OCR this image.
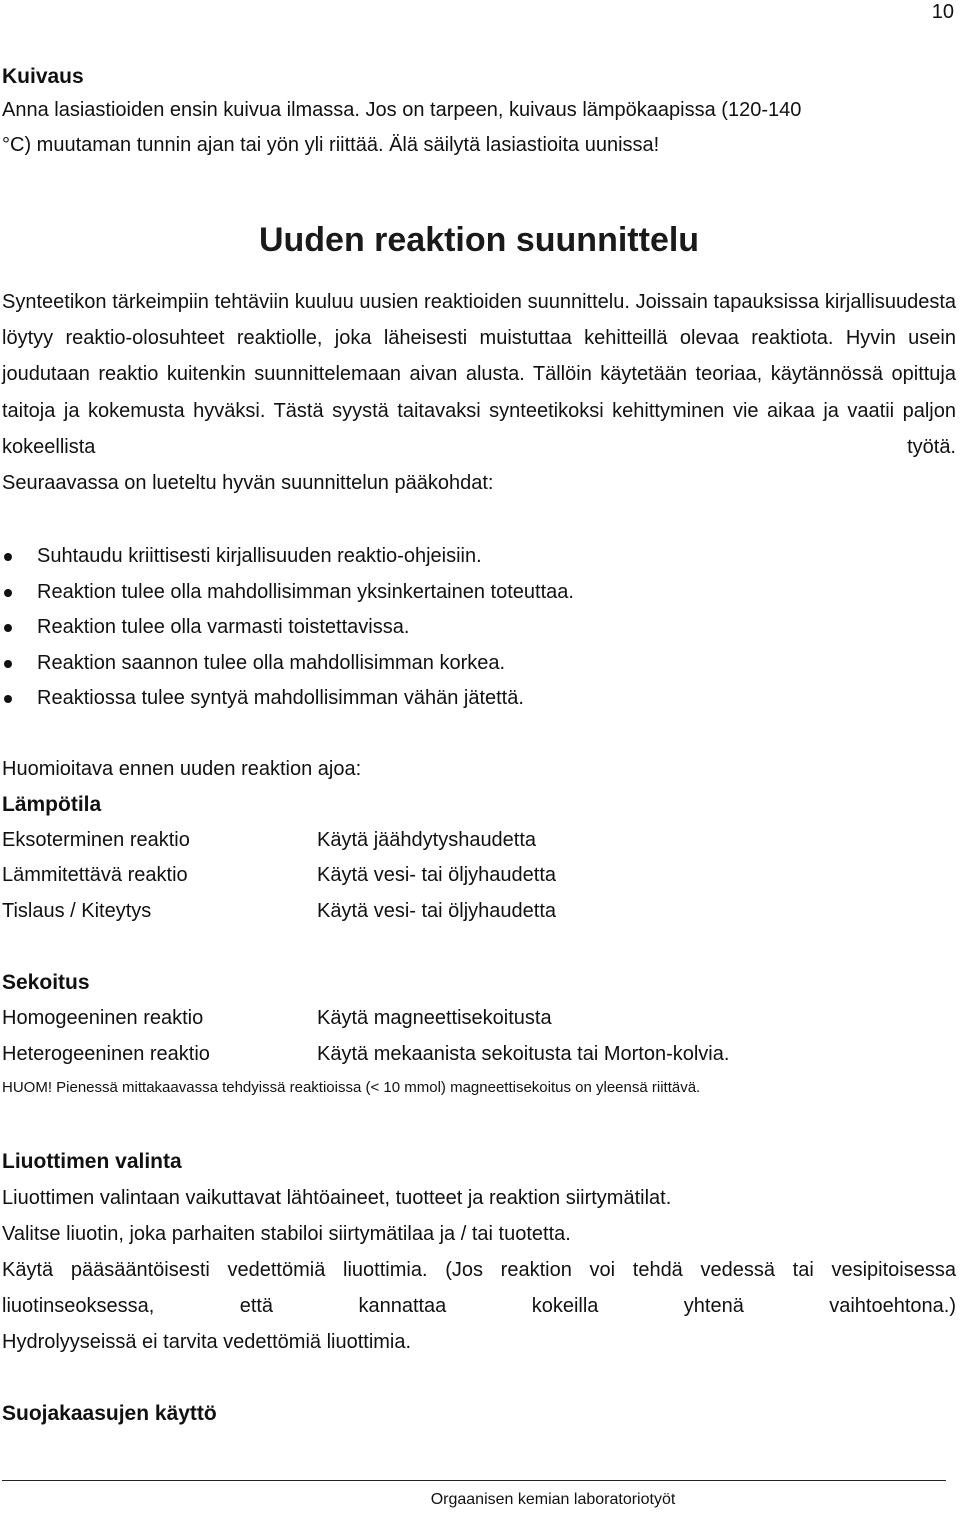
10
Kuivaus
Anna lasiastioiden ensin kuivua ilmassa. Jos on tarpeen, kuivaus lämpökaapissa (120-140
°C) muutaman tunnin ajan tai yön yli riittää. Älä säilytä lasiastioita uunissa!
Uuden reaktion suunnittelu
Synteetikon tärkeimpiin tehtäviin kuuluu uusien reaktioiden suunnittelu. Joissain tapauksissa kirjallisuudesta löytyy reaktio-olosuhteet reaktiolle, joka läheisesti muistuttaa kehitteillä olevaa reaktiota. Hyvin usein joudutaan reaktio kuitenkin suunnittelemaan aivan alusta. Tällöin käytetään teoriaa, käytännössä opittuja taitoja ja kokemusta hyväksi. Tästä syystä taitavaksi synteetikoksi kehittyminen vie aikaa ja vaatii paljon kokeellista työtä.
Seuraavassa on lueteltu hyvän suunnittelun pääkohdat:
Suhtaudu kriittisesti kirjallisuuden reaktio-ohjeisiin.
Reaktion tulee olla mahdollisimman yksinkertainen toteuttaa.
Reaktion tulee olla varmasti toistettavissa.
Reaktion saannon tulee olla mahdollisimman korkea.
Reaktiossa tulee syntyä mahdollisimman vähän jätettä.
Huomioitava ennen uuden reaktion ajoa:
Lämpötila
Eksoterminen reaktio	Käytä jäähdytyshaudetta
Lämmitettävä reaktio	Käytä vesi- tai öljyhaudetta
Tislaus / Kiteytys	Käytä vesi- tai öljyhaudetta
Sekoitus
Homogeeninen reaktio	Käytä magneettisekoitusta
Heterogeeninen reaktio	Käytä mekaanista sekoitusta tai Morton-kolvia.
HUOM! Pienessä mittakaavassa tehdyissä reaktioissa (< 10 mmol) magneettisekoitus on yleensä riittävä.
Liuottimen valinta
Liuottimen valintaan vaikuttavat lähtöaineet, tuotteet ja reaktion siirtymätilat.
Valitse liuotin, joka parhaiten stabiloi siirtymätilaa ja / tai tuotetta.
Käytä pääsääntöisesti vedettömiä liuottimia. (Jos reaktion voi tehdä vedessä tai vesipitoisessa liuotinseoksessa, että kannattaa kokeilla yhtenä vaihtoehtona.)
Hydrolyyseissä ei tarvita vedettömiä liuottimia.
Suojakaasujen käyttö
Orgaanisen kemian laboratoriotyöt
